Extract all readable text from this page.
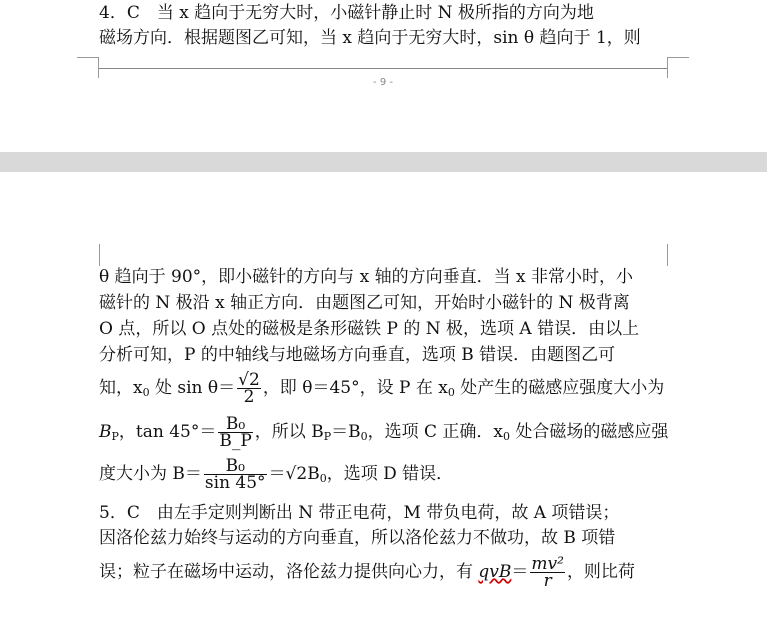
4．C　当 x 趋向于无穷大时，小磁针静止时 N 极所指的方向为地
磁场方向．根据题图乙可知，当 x 趋向于无穷大时，sin θ 趋向于 1，则
- 9 -
θ 趋向于 90°，即小磁针的方向与 x 轴的方向垂直．当 x 非常小时，小
磁针的 N 极沿 x 轴正方向．由题图乙可知，开始时小磁针的 N 极背离
O 点，所以 O 点处的磁极是条形磁铁 P 的 N 极，选项 A 错误．由以上
分析可知，P 的中轴线与地磁场方向垂直，选项 B 错误．由题图乙可
知，$x_0$ 处 $\sin \theta= \frac{√2}{2}$ ，即 θ＝45°，设 P 在 $x_0$ 处产生的磁感应强度大小为
$B_P$，$\tan 45^\circ= \frac{\text{B₀}}{B\_P}$ ，所以 $B_P=B_0$，选项 C 正确．$x_0$ 处合磁场的磁感应强
度大小为 $B= \frac{\text{B₀}}{\sin 45^\circ} =√2B_0$，选项 D 错误．
5．C　由左手定则判断出 N 带正电荷，M 带负电荷，故 A 项错误；
因洛伦兹力始终与运动的方向垂直，所以洛伦兹力不做功，故 B 项错
误；粒子在磁场中运动，洛伦兹力提供向心力，有 $qvB= \frac{\text{mv²}}{r}$ ，则比荷
